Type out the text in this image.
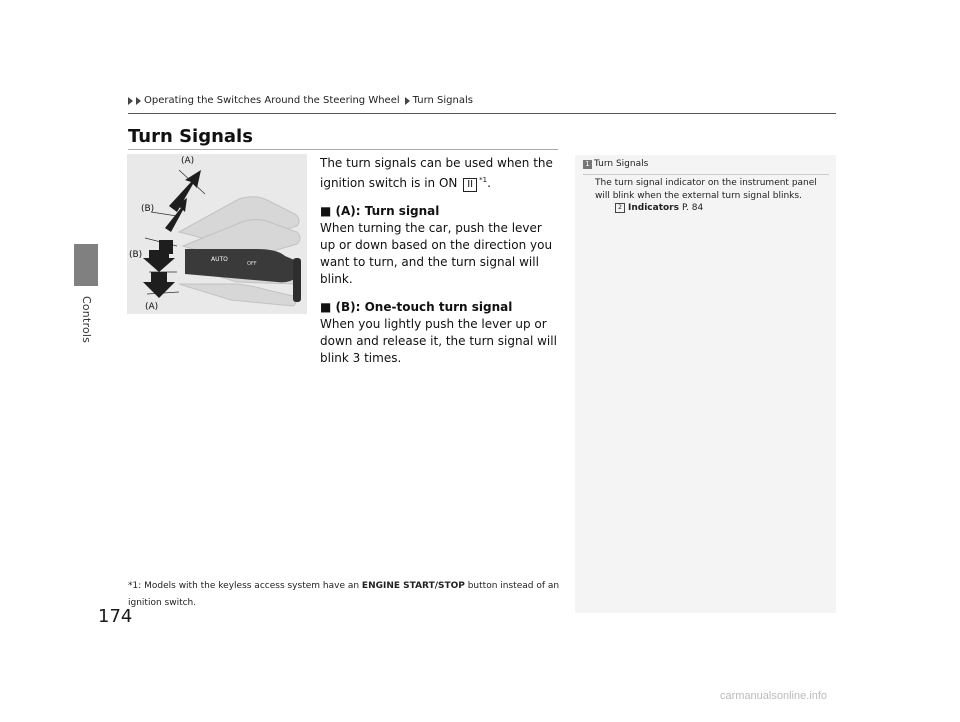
Controls
174
Operating the Switches Around the Steering Wheel Turn Signals
Turn Signals
AUTO
OFF
(A)
(B)
(B)
(A)

The turn signals can be used when the ignition switch is in ON II $^{*1}$.

■ (A): Turn signal

When turning the car, push the lever up or down based on the direction you want to turn, and the turn signal will blink.

■ (B): One-touch turn signal

When you lightly push the lever up or down and release it, the turn signal will blink 3 times.

*1: Models with the keyless access system have an ENGINE START/STOP button instead of an ignition switch.
1 Turn Signals
The turn signal indicator on the instrument panel will blink when the external turn signal blinks.
2 Indicators P. 84
carmanualsonline.info
